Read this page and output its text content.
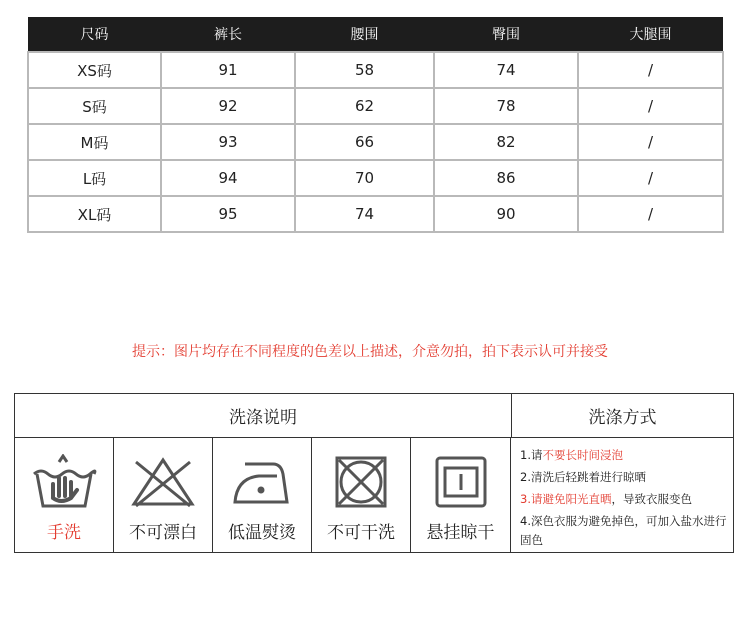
尺码	裤长	腰围	臀围	大腿围
XS码	91	58	74	/
S码	92	62	78	/
M码	93	66	82	/
L码	94	70	86	/
XL码	95	74	90	/
提示：图片均存在不同程度的色差以上描述，介意勿拍，拍下表示认可并接受
洗涤说明	洗涤方式
手洗	不可漂白	低温熨烫	不可干洗	悬挂晾干
1.请不要长时间浸泡
2.清洗后轻跳着进行晾晒
3.请避免阳光直晒，导致衣服变色
4.深色衣服为避免掉色，可加入盐水进行固色
